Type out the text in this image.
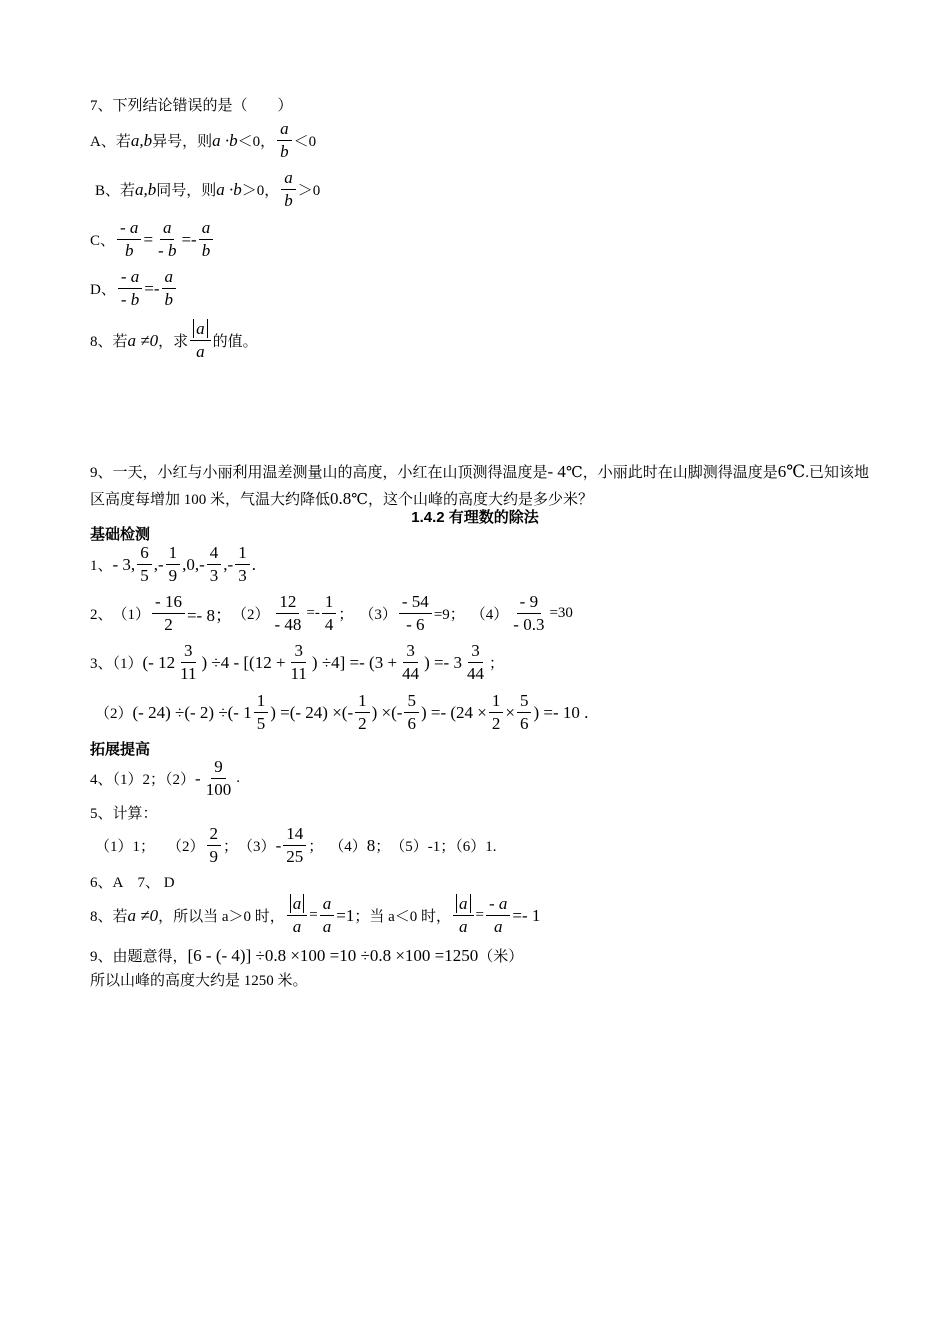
7、下列结论错误的是（　　）
A、若 a,b 异号，则 a ·b ＜0，
a
b ＜0
B、若 a,b 同号，则 a ·b ＞0，
a
b ＞0
C、 $\frac{- a}{b} = \frac{a}{- b}$ =-
a
b
D、 $\frac{- a}{- b}$ =-
a
b
8、若 a ≠0 ，求
a
a 的值。
9、一天，小红与小丽利用温差测量山的高度，小红在山顶测得温度是- 4℃，小丽此时在山脚测得温度是6℃.已知该地区高度每增加 100 米，气温大约降低0.8℃，这个山峰的高度大约是多少米？
1.4.2 有理数的除法
基础检测
1、 - 3,
6
5
,-
1
9
,0,-
4
3
,-
1
3
.
2、 $(1) \frac{- 16}{2} =- 8$； $(2) \frac{12}{- 48}$ =-
1
4 ； $(3) \frac{- 54}{- 6} =9$； $(4) \frac{- 9}{- 0.3} =30$
3、（1） (- 12
3
11
) $\div 4 - [(12 + \frac{3}{11}$ ) $\div 4] =- (3 + \frac{3}{44}$ ) =- 3
3
44 ；
（2） (- 24) ÷(- 2) ÷(- 1
1
5
) =(- 24) ×(-
1
2
) ×(-
5
6
) =- ($24 \times \frac{1}{2} \times \frac{5}{6}$ ) =- 10 .
拓展提高
4、（1）2；（2） -
9
100
.
5、计算：
（1）1； （2）
2
9 ； （3） -
14
25 ； （4） 8 ； （5）-1；（6）1.
6、A　7、 D
8、若 a ≠0 ，所以当 a＞0 时， $\frac{a}{a} = \frac{a}{a} =1$ ；当 a＜0 时， $\frac{a}{a} = \frac{- a}{a} =- 1$
9、由题意得， [6 - (- 4)] ÷0.8 ×100 =10 ÷0.8 ×100 =1250 （米）
所以山峰的高度大约是 1250 米。
